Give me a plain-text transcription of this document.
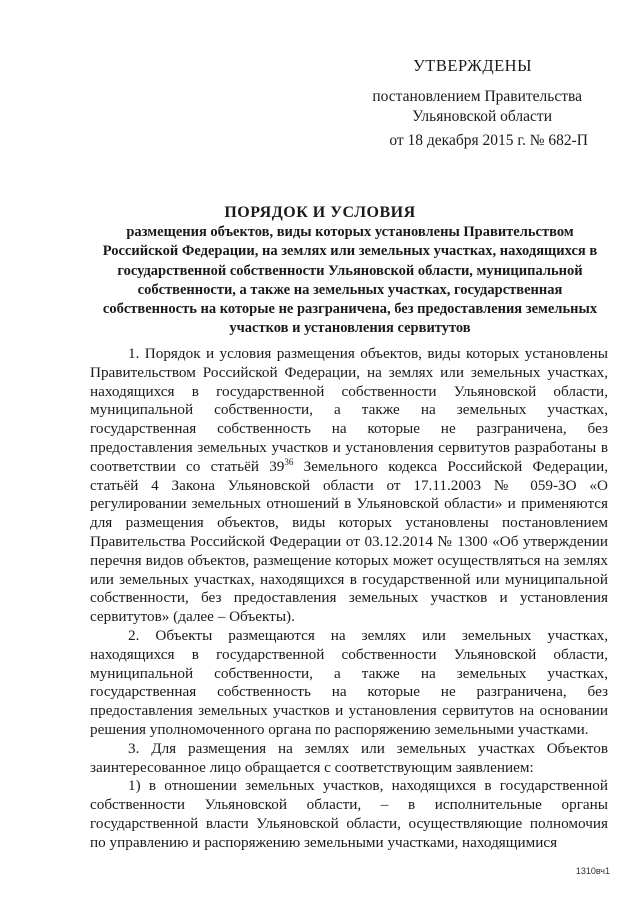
УТВЕРЖДЕНЫ
постановлением Правительства
Ульяновской области
от 18 декабря 2015 г. № 682-П
ПОРЯДОК И УСЛОВИЯ
размещения объектов, виды которых установлены Правительством Российской Федерации, на землях или земельных участках, находящихся в государственной собственности Ульяновской области, муниципальной собственности, а также на земельных участках, государственная собственность на которые не разграничена, без предоставления земельных участков и установления сервитутов

1. Порядок и условия размещения объектов, виды которых установлены Правительством Российской Федерации, на землях или земельных участках, находящихся в государственной собственности Ульяновской области, муниципальной собственности, а также на земельных участках, государственная собственность на которые не разграничена, без предоставления земельных участков и установления сервитутов разработаны в соответствии со статьёй $39^{36}$ Земельного кодекса Российской Федерации, статьёй 4 Закона Ульяновской области от 17.11.2003 № 059-ЗО «О регулировании земельных отношений в Ульяновской области» и применяются для размещения объектов, виды которых установлены постановлением Правительства Российской Федерации от 03.12.2014 № 1300 «Об утверждении перечня видов объектов, размещение которых может осуществляться на землях или земельных участках, находящихся в государственной или муниципальной собственности, без предоставления земельных участков и установления сервитутов» (далее – Объекты).

2. Объекты размещаются на землях или земельных участках, находящихся в государственной собственности Ульяновской области, муниципальной собственности, а также на земельных участках, государственная собственность на которые не разграничена, без предоставления земельных участков и установления сервитутов на основании решения уполномоченного органа по распоряжению земельными участками.

3. Для размещения на землях или земельных участках Объектов заинтересованное лицо обращается с соответствующим заявлением:

1) в отношении земельных участков, находящихся в государственной собственности Ульяновской области, – в исполнительные органы государственной власти Ульяновской области, осуществляющие полномочия по управлению и распоряжению земельными участками, находящимися

1310вч1
